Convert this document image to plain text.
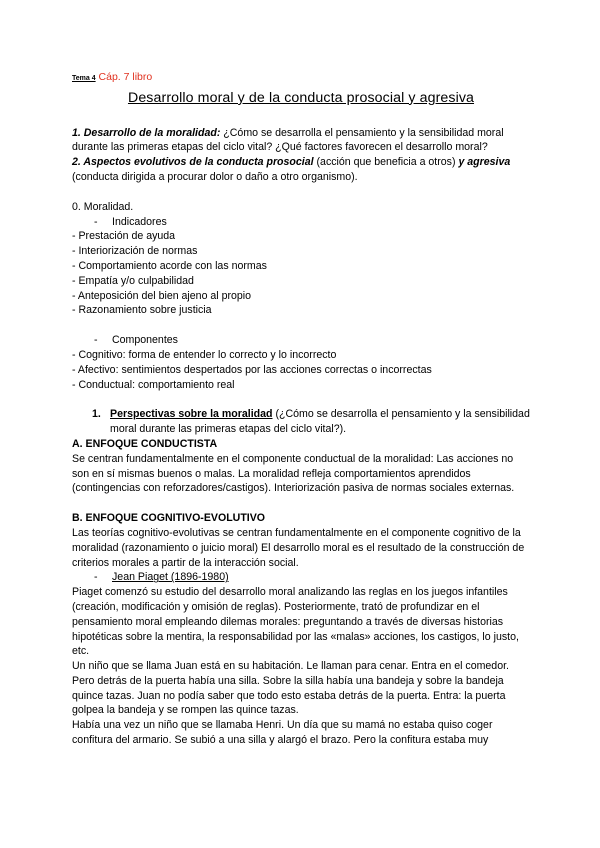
Tema 4 Cáp. 7 libro
Desarrollo moral y de la conducta prosocial y agresiva

1. Desarrollo de la moralidad: ¿Cómo se desarrolla el pensamiento y la sensibilidad moral durante las primeras etapas del ciclo vital? ¿Qué factores favorecen el desarrollo moral?

2. Aspectos evolutivos de la conducta prosocial (acción que beneficia a otros) y agresiva (conducta dirigida a procurar dolor o daño a otro organismo).

0. Moralidad.

- Indicadores

- Prestación de ayuda

- Interiorización de normas

- Comportamiento acorde con las normas

- Empatía y/o culpabilidad

- Anteposición del bien ajeno al propio

- Razonamiento sobre justicia

- Componentes

- Cognitivo: forma de entender lo correcto y lo incorrecto

- Afectivo: sentimientos despertados por las acciones correctas o incorrectas

- Conductual: comportamiento real

1. Perspectivas sobre la moralidad (¿Cómo se desarrolla el pensamiento y la sensibilidad moral durante las primeras etapas del ciclo vital?).

A. ENFOQUE CONDUCTISTA

Se centran fundamentalmente en el componente conductual de la moralidad: Las acciones no son en sí mismas buenos o malas. La moralidad refleja comportamientos aprendidos (contingencias con reforzadores/castigos). Interiorización pasiva de normas sociales externas.

B. ENFOQUE COGNITIVO-EVOLUTIVO

Las teorías cognitivo-evolutivas se centran fundamentalmente en el componente cognitivo de la moralidad (razonamiento o juicio moral) El desarrollo moral es el resultado de la construcción de criterios morales a partir de la interacción social.

- Jean Piaget (1896-1980)

Piaget comenzó su estudio del desarrollo moral analizando las reglas en los juegos infantiles (creación, modificación y omisión de reglas). Posteriormente, trató de profundizar en el pensamiento moral empleando dilemas morales: preguntando a través de diversas historias hipotéticas sobre la mentira, la responsabilidad por las «malas» acciones, los castigos, lo justo, etc.

Un niño que se llama Juan está en su habitación. Le llaman para cenar. Entra en el comedor. Pero detrás de la puerta había una silla. Sobre la silla había una bandeja y sobre la bandeja quince tazas. Juan no podía saber que todo esto estaba detrás de la puerta. Entra: la puerta golpea la bandeja y se rompen las quince tazas.

Había una vez un niño que se llamaba Henri. Un día que su mamá no estaba quiso coger confitura del armario. Se subió a una silla y alargó el brazo. Pero la confitura estaba muy
